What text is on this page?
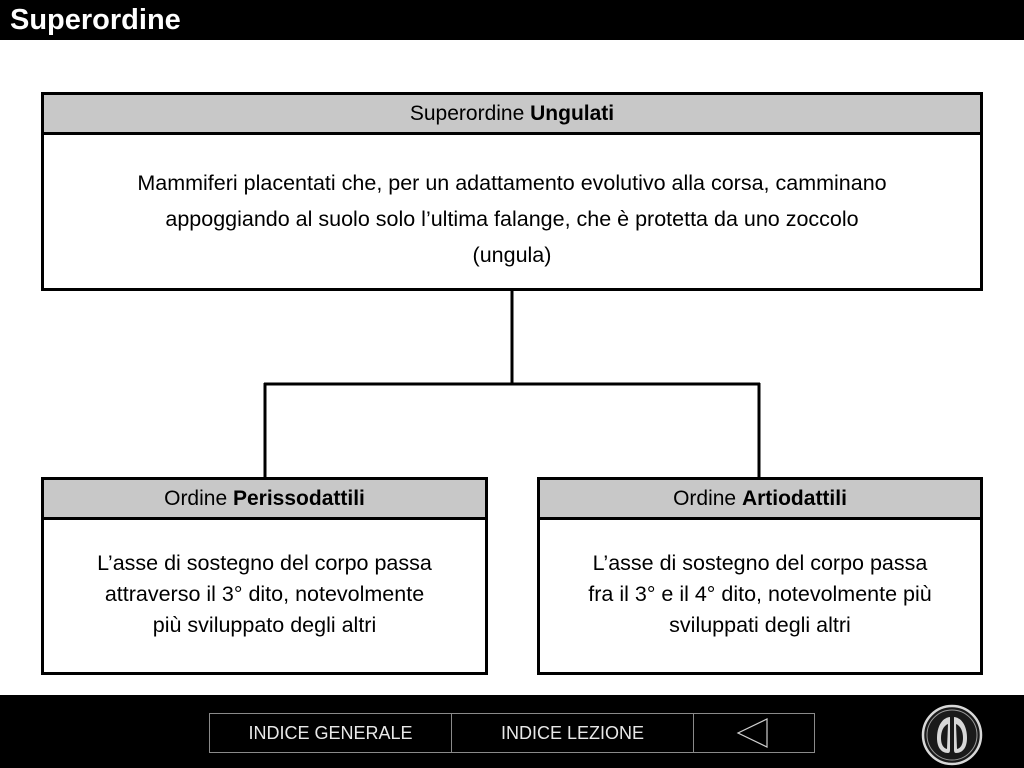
Superordine
Superordine Ungulati
Mammiferi placentati che, per un adattamento evolutivo alla corsa, camminano
appoggiando al suolo solo l’ultima falange, che è protetta da uno zoccolo
(ungula)
Ordine Perissodattili
L’asse di sostegno del corpo passa
attraverso il 3° dito, notevolmente
più sviluppato degli altri
Ordine Artiodattili
L’asse di sostegno del corpo passa
fra il 3° e il 4° dito, notevolmente più
sviluppati degli altri
INDICE GENERALE	INDICE LEZIONE
